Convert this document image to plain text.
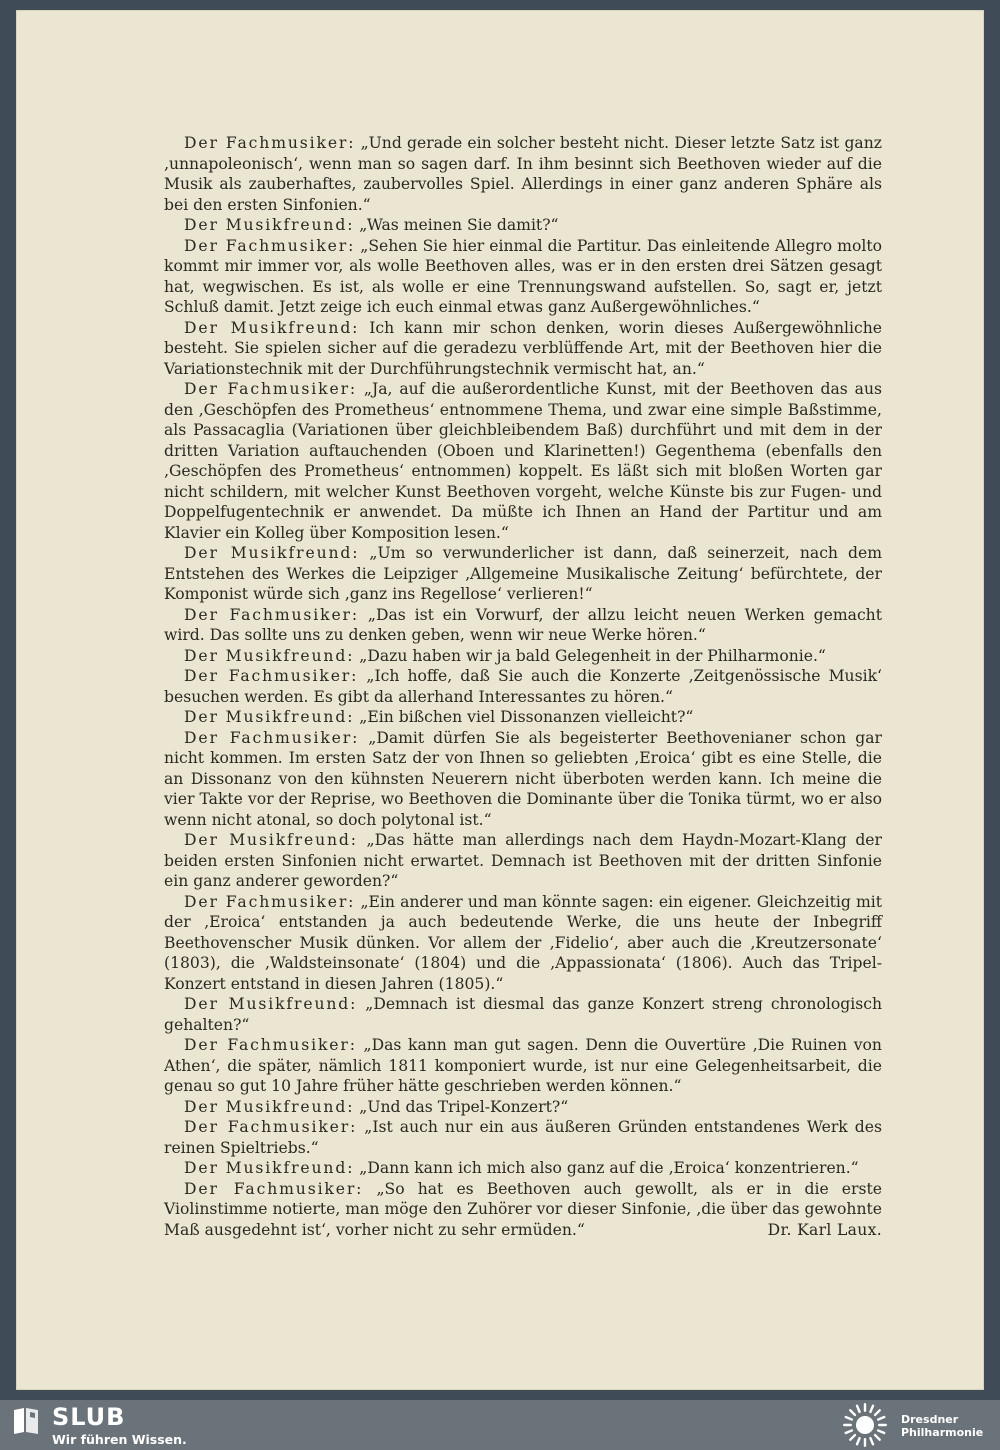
Der Fachmusiker: „Und gerade ein solcher besteht nicht. Dieser letzte Satz ist ganz ‚unnapoleonisch‘, wenn man so sagen darf. In ihm besinnt sich Beethoven wieder auf die Musik als zauberhaftes, zaubervolles Spiel. Allerdings in einer ganz anderen Sphäre als bei den ersten Sinfonien.“

Der Musikfreund: „Was meinen Sie damit?“

Der Fachmusiker: „Sehen Sie hier einmal die Partitur. Das einleitende Allegro molto kommt mir immer vor, als wolle Beethoven alles, was er in den ersten drei Sätzen gesagt hat, wegwischen. Es ist, als wolle er eine Trennungswand aufstellen. So, sagt er, jetzt Schluß damit. Jetzt zeige ich euch einmal etwas ganz Außergewöhnliches.“

Der Musikfreund: Ich kann mir schon denken, worin dieses Außergewöhnliche besteht. Sie spielen sicher auf die geradezu verblüffende Art, mit der Beethoven hier die Variationstechnik mit der Durchführungstechnik vermischt hat, an.“

Der Fachmusiker: „Ja, auf die außerordentliche Kunst, mit der Beethoven das aus den ‚Geschöpfen des Prometheus‘ entnommene Thema, und zwar eine simple Baßstimme, als Passacaglia (Variationen über gleichbleibendem Baß) durchführt und mit dem in der dritten Variation auftauchenden (Oboen und Klarinetten!) Gegenthema (ebenfalls den ‚Geschöpfen des Prometheus‘ entnommen) koppelt. Es läßt sich mit bloßen Worten gar nicht schildern, mit welcher Kunst Beethoven vorgeht, welche Künste bis zur Fugen- und Doppelfugentechnik er anwendet. Da müßte ich Ihnen an Hand der Partitur und am Klavier ein Kolleg über Komposition lesen.“

Der Musikfreund: „Um so verwunderlicher ist dann, daß seinerzeit, nach dem Entstehen des Werkes die Leipziger ‚Allgemeine Musikalische Zeitung‘ befürchtete, der Komponist würde sich ‚ganz ins Regellose‘ verlieren!“

Der Fachmusiker: „Das ist ein Vorwurf, der allzu leicht neuen Werken gemacht wird. Das sollte uns zu denken geben, wenn wir neue Werke hören.“

Der Musikfreund: „Dazu haben wir ja bald Gelegenheit in der Philharmonie.“

Der Fachmusiker: „Ich hoffe, daß Sie auch die Konzerte ‚Zeitgenössische Musik‘ besuchen werden. Es gibt da allerhand Interessantes zu hören.“

Der Musikfreund: „Ein bißchen viel Dissonanzen vielleicht?“

Der Fachmusiker: „Damit dürfen Sie als begeisterter Beethovenianer schon gar nicht kommen. Im ersten Satz der von Ihnen so geliebten ‚Eroica‘ gibt es eine Stelle, die an Dissonanz von den kühnsten Neuerern nicht überboten werden kann. Ich meine die vier Takte vor der Reprise, wo Beethoven die Dominante über die Tonika türmt, wo er also wenn nicht atonal, so doch polytonal ist.“

Der Musikfreund: „Das hätte man allerdings nach dem Haydn-Mozart-Klang der beiden ersten Sinfonien nicht erwartet. Demnach ist Beethoven mit der dritten Sinfonie ein ganz anderer geworden?“

Der Fachmusiker: „Ein anderer und man könnte sagen: ein eigener. Gleichzeitig mit der ‚Eroica‘ entstanden ja auch bedeutende Werke, die uns heute der Inbegriff Beethovenscher Musik dünken. Vor allem der ‚Fidelio‘, aber auch die ‚Kreutzersonate‘ (1803), die ‚Waldsteinsonate‘ (1804) und die ‚Appassionata‘ (1806). Auch das Tripel-Konzert entstand in diesen Jahren (1805).“

Der Musikfreund: „Demnach ist diesmal das ganze Konzert streng chronologisch gehalten?“

Der Fachmusiker: „Das kann man gut sagen. Denn die Ouvertüre ‚Die Ruinen von Athen‘, die später, nämlich 1811 komponiert wurde, ist nur eine Gelegenheitsarbeit, die genau so gut 10 Jahre früher hätte geschrieben werden können.“

Der Musikfreund: „Und das Tripel-Konzert?“

Der Fachmusiker: „Ist auch nur ein aus äußeren Gründen entstandenes Werk des reinen Spieltriebs.“

Der Musikfreund: „Dann kann ich mich also ganz auf die ‚Eroica‘ konzentrieren.“

Der Fachmusiker: „So hat es Beethoven auch gewollt, als er in die erste Violinstimme notierte, man möge den Zuhörer vor dieser Sinfonie, ‚die über das gewohnte Maß ausgedehnt ist‘, vorher nicht zu sehr ermüden.“	Dr. Karl Laux.

SLUB
Wir führen Wissen.
Dresdner
Philharmonie
